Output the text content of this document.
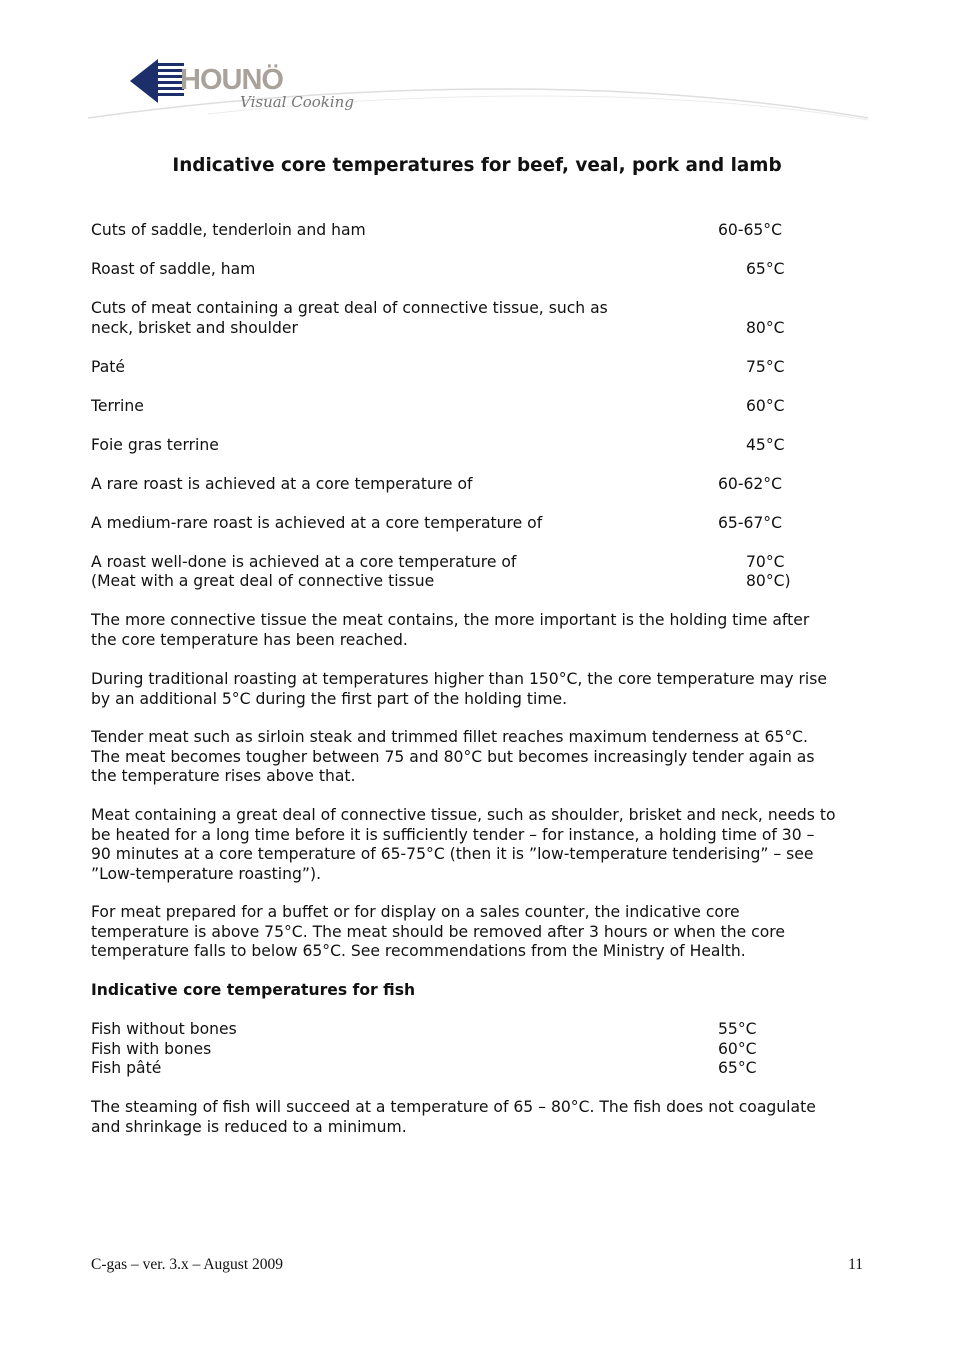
HOUNÖ
Visual Cooking
Indicative core temperatures for beef, veal, pork and lamb
Cuts of saddle, tenderloin and ham	60-65°C
Roast of saddle, ham	65°C
Cuts of meat containing a great deal of connective tissue, such as
neck, brisket and shoulder	80°C
Paté	75°C
Terrine	60°C
Foie gras terrine	45°C
A rare roast is achieved at a core temperature of	60-62°C
A medium-rare roast is achieved at a core temperature of	65-67°C
A roast well-done is achieved at a core temperature of	70°C
(Meat with a great deal of connective tissue	80°C)
The more connective tissue the meat contains, the more important is the holding time after
the core temperature has been reached.
During traditional roasting at temperatures higher than 150°C, the core temperature may rise
by an additional 5°C during the first part of the holding time.
Tender meat such as sirloin steak and trimmed fillet reaches maximum tenderness at 65°C.
The meat becomes tougher between 75 and 80°C but becomes increasingly tender again as
the temperature rises above that.
Meat containing a great deal of connective tissue, such as shoulder, brisket and neck, needs to
be heated for a long time before it is sufficiently tender – for instance, a holding time of 30 –
90 minutes at a core temperature of 65-75°C (then it is ”low-temperature tenderising” – see
”Low-temperature roasting”).
For meat prepared for a buffet or for display on a sales counter, the indicative core
temperature is above 75°C. The meat should be removed after 3 hours or when the core
temperature falls to below 65°C. See recommendations from the Ministry of Health.
Indicative core temperatures for fish
Fish without bones	55°C
Fish with bones	60°C
Fish pâté	65°C
The steaming of fish will succeed at a temperature of 65 – 80°C. The fish does not coagulate
and shrinkage is reduced to a minimum.
C-gas – ver. 3.x – August 2009	11
